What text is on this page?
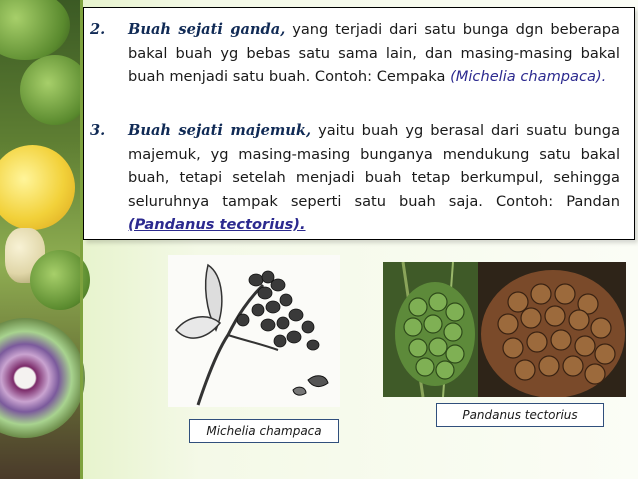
2.	Buah sejati ganda, yang terjadi dari satu bunga dgn beberapa bakal buah yg bebas satu sama lain, dan masing-masing bakal buah menjadi satu buah. Contoh: Cempaka (Michelia champaca).
3.	Buah sejati majemuk, yaitu buah yg berasal dari suatu bunga majemuk, yg masing-masing bunganya mendukung satu bakal buah, tetapi setelah menjadi buah tetap berkumpul, sehingga seluruhnya tampak seperti satu buah saja. Contoh: Pandan (Pandanus tectorius).
Michelia champaca
Pandanus tectorius
